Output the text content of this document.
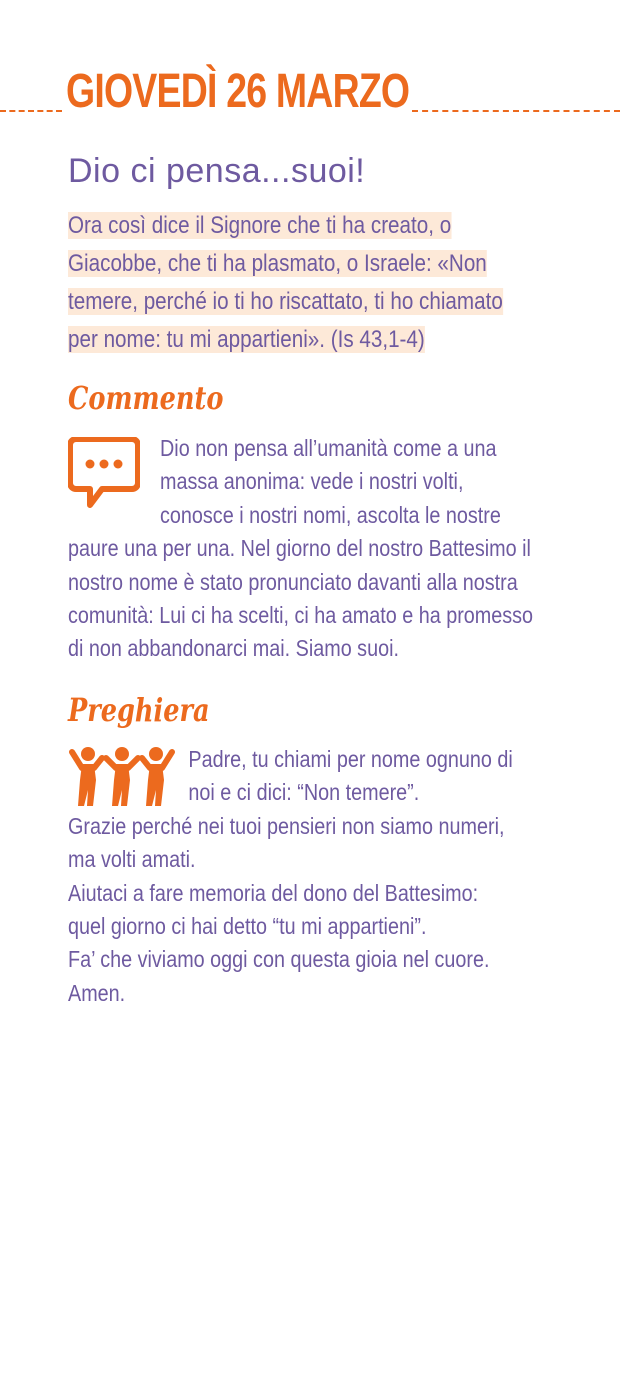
GIOVEDÌ 26 MARZO
Dio ci pensa...suoi!

Ora così dice il Signore che ti ha creato, o
Giacobbe, che ti ha plasmato, o Israele: «Non
temere, perché io ti ho riscattato, ti ho chiamato
per nome: tu mi appartieni». (Is 43,1-4)

Commento
Dio non pensa all’umanità come a una
massa anonima: vede i nostri volti,
conosce i nostri nomi, ascolta le nostre
paure una per una. Nel giorno del nostro Battesimo il
nostro nome è stato pronunciato davanti alla nostra
comunità: Lui ci ha scelti, ci ha amato e ha promesso
di non abbandonarci mai. Siamo suoi.
Preghiera
Padre, tu chiami per nome ognuno di
noi e ci dici: “Non temere”.
Grazie perché nei tuoi pensieri non siamo numeri,
ma volti amati.
Aiutaci a fare memoria del dono del Battesimo:
quel giorno ci hai detto “tu mi appartieni”.
Fa’ che viviamo oggi con questa gioia nel cuore.
Amen.
